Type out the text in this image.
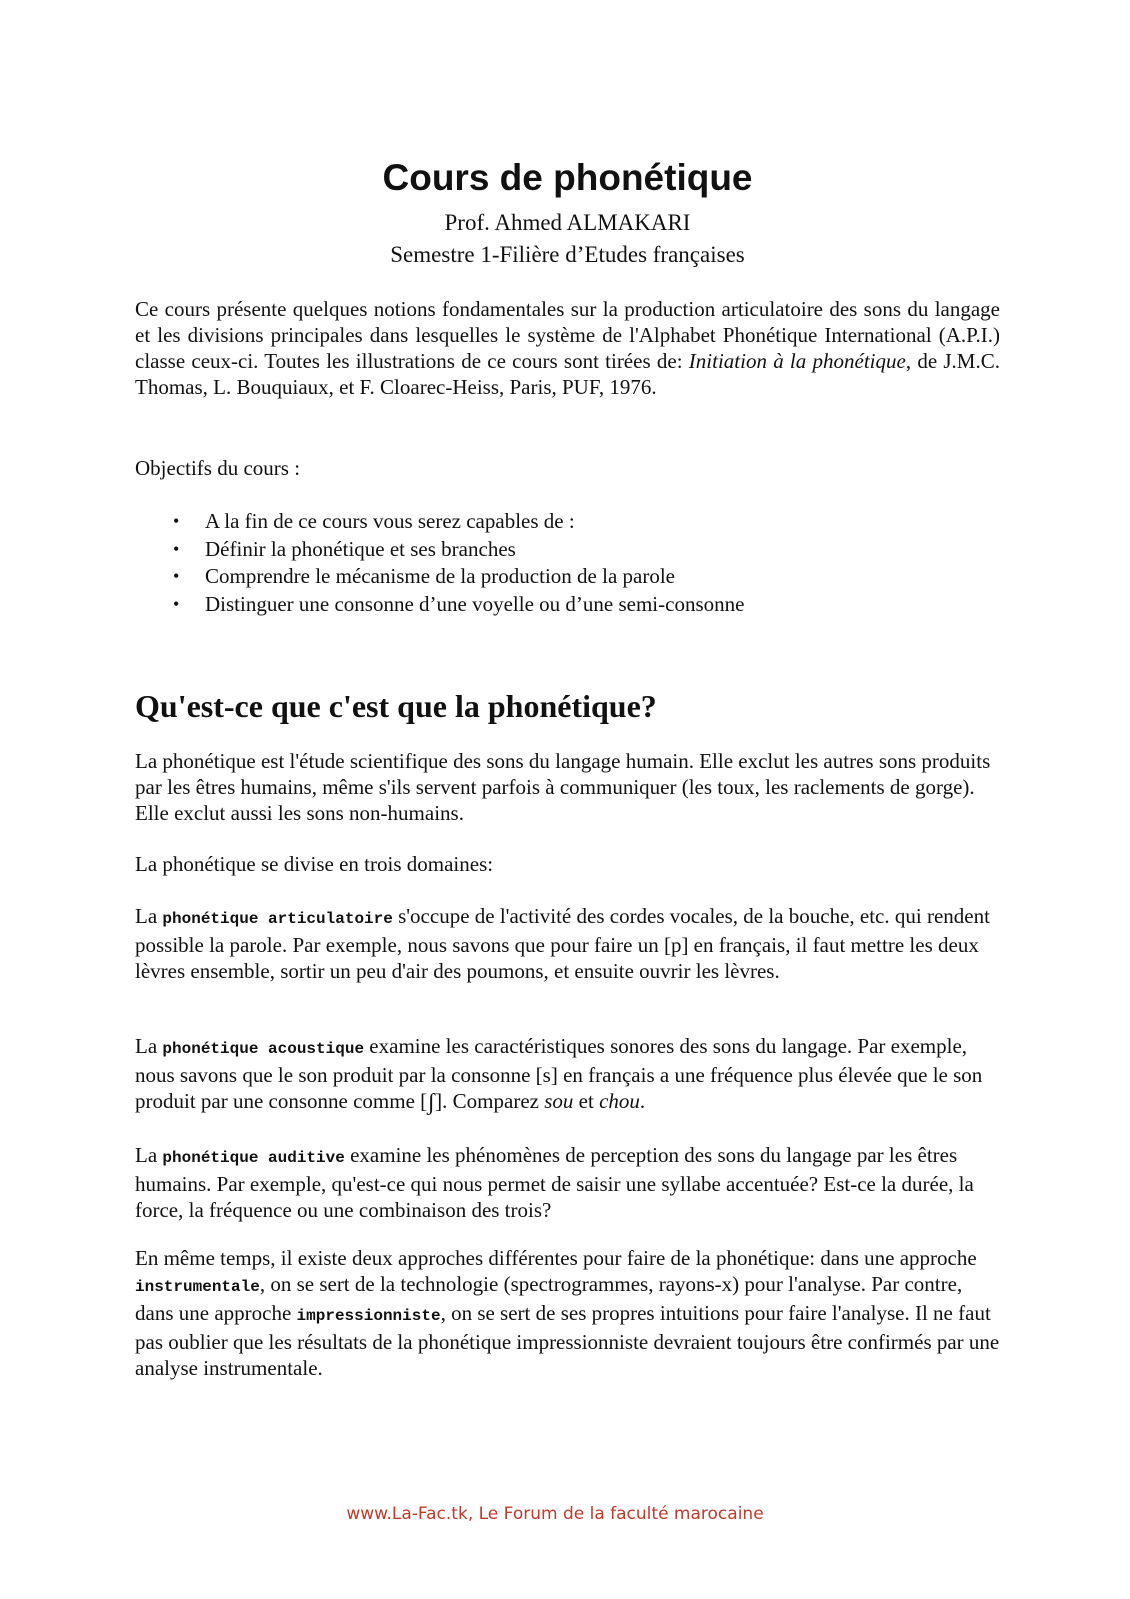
Cours de phonétique
Prof. Ahmed ALMAKARI
Semestre 1-Filière d’Etudes françaises

Ce cours présente quelques notions fondamentales sur la production articulatoire des sons du langage et les divisions principales dans lesquelles le système de l'Alphabet Phonétique International (A.P.I.) classe ceux-ci. Toutes les illustrations de ce cours sont tirées de: Initiation à la phonétique, de J.M.C. Thomas, L. Bouquiaux, et F. Cloarec-Heiss, Paris, PUF, 1976.

Objectifs du cours :

• A la fin de ce cours vous serez capables de :
• Définir la phonétique et ses branches
• Comprendre le mécanisme de la production de la parole
• Distinguer une consonne d’une voyelle ou d’une semi-consonne
Qu'est-ce que c'est que la phonétique?

La phonétique est l'étude scientifique des sons du langage humain. Elle exclut les autres sons produits par les êtres humains, même s'ils servent parfois à communiquer (les toux, les raclements de gorge). Elle exclut aussi les sons non-humains.

La phonétique se divise en trois domaines:

La phonétique articulatoire s'occupe de l'activité des cordes vocales, de la bouche, etc. qui rendent possible la parole. Par exemple, nous savons que pour faire un [p] en français, il faut mettre les deux lèvres ensemble, sortir un peu d'air des poumons, et ensuite ouvrir les lèvres.

La phonétique acoustique examine les caractéristiques sonores des sons du langage. Par exemple, nous savons que le son produit par la consonne [s] en français a une fréquence plus élevée que le son produit par une consonne comme [ʃ]. Comparez sou et chou.

La phonétique auditive examine les phénomènes de perception des sons du langage par les êtres humains. Par exemple, qu'est-ce qui nous permet de saisir une syllabe accentuée? Est-ce la durée, la force, la fréquence ou une combinaison des trois?

En même temps, il existe deux approches différentes pour faire de la phonétique: dans une approche instrumentale, on se sert de la technologie (spectrogrammes, rayons-x) pour l'analyse. Par contre, dans une approche impressionniste, on se sert de ses propres intuitions pour faire l'analyse. Il ne faut pas oublier que les résultats de la phonétique impressionniste devraient toujours être confirmés par une analyse instrumentale.

www.La-Fac.tk, Le Forum de la faculté marocaine
